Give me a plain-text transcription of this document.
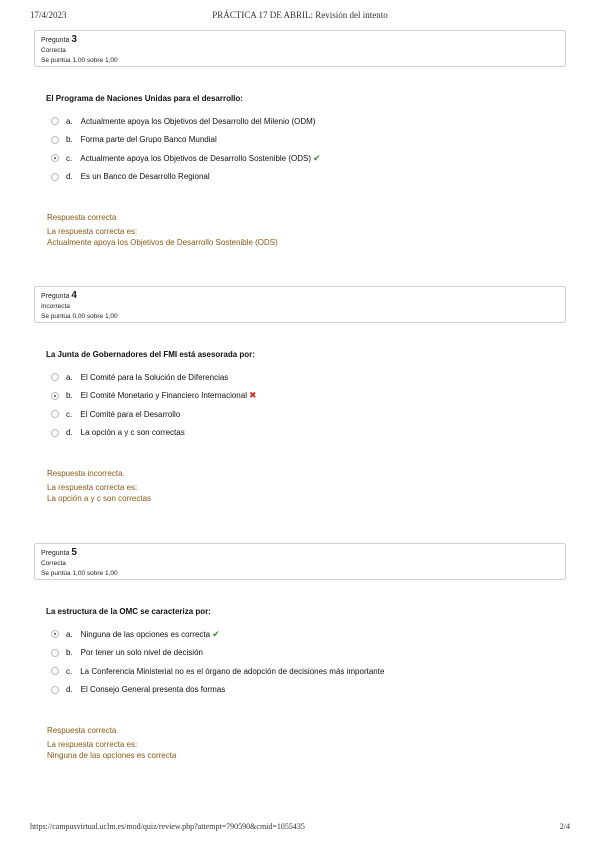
17/4/2023	PRÁCTICA 17 DE ABRIL: Revisión del intento
Pregunta 3
Correcta
Se puntúa 1,00 sobre 1,00
El Programa de Naciones Unidas para el desarrollo:
a. Actualmente apoya los Objetivos del Desarrollo del Milenio (ODM)
b. Forma parte del Grupo Banco Mundial
c. Actualmente apoya los Objetivos de Desarrollo Sostenible (ODS) ✔
d. Es un Banco de Desarrollo Regional
Respuesta correcta
La respuesta correcta es:
Actualmente apoya los Objetivos de Desarrollo Sostenible (ODS)
Pregunta 4
Incorrecta
Se puntúa 0,00 sobre 1,00
La Junta de Gobernadores del FMI está asesorada por:
a. El Comité para la Solución de Diferencias
b. El Comité Monetario y Financiero Internacional ✖
c. El Comité para el Desarrollo
d. La opción a y c son correctas
Respuesta incorrecta.
La respuesta correcta es:
La opción a y c son correctas
Pregunta 5
Correcta
Se puntúa 1,00 sobre 1,00
La estructura de la OMC se caracteriza por:
a. Ninguna de las opciones es correcta ✔
b. Por tener un solo nivel de decisión
c. La Conferencia Ministerial no es el órgano de adopción de decisiones más importante
d. El Consejo General presenta dos formas
Respuesta correcta
La respuesta correcta es:
Ninguna de las opciones es correcta
https://campusvirtual.uclm.es/mod/quiz/review.php?attempt=790590&cmid=1055435	2/4
